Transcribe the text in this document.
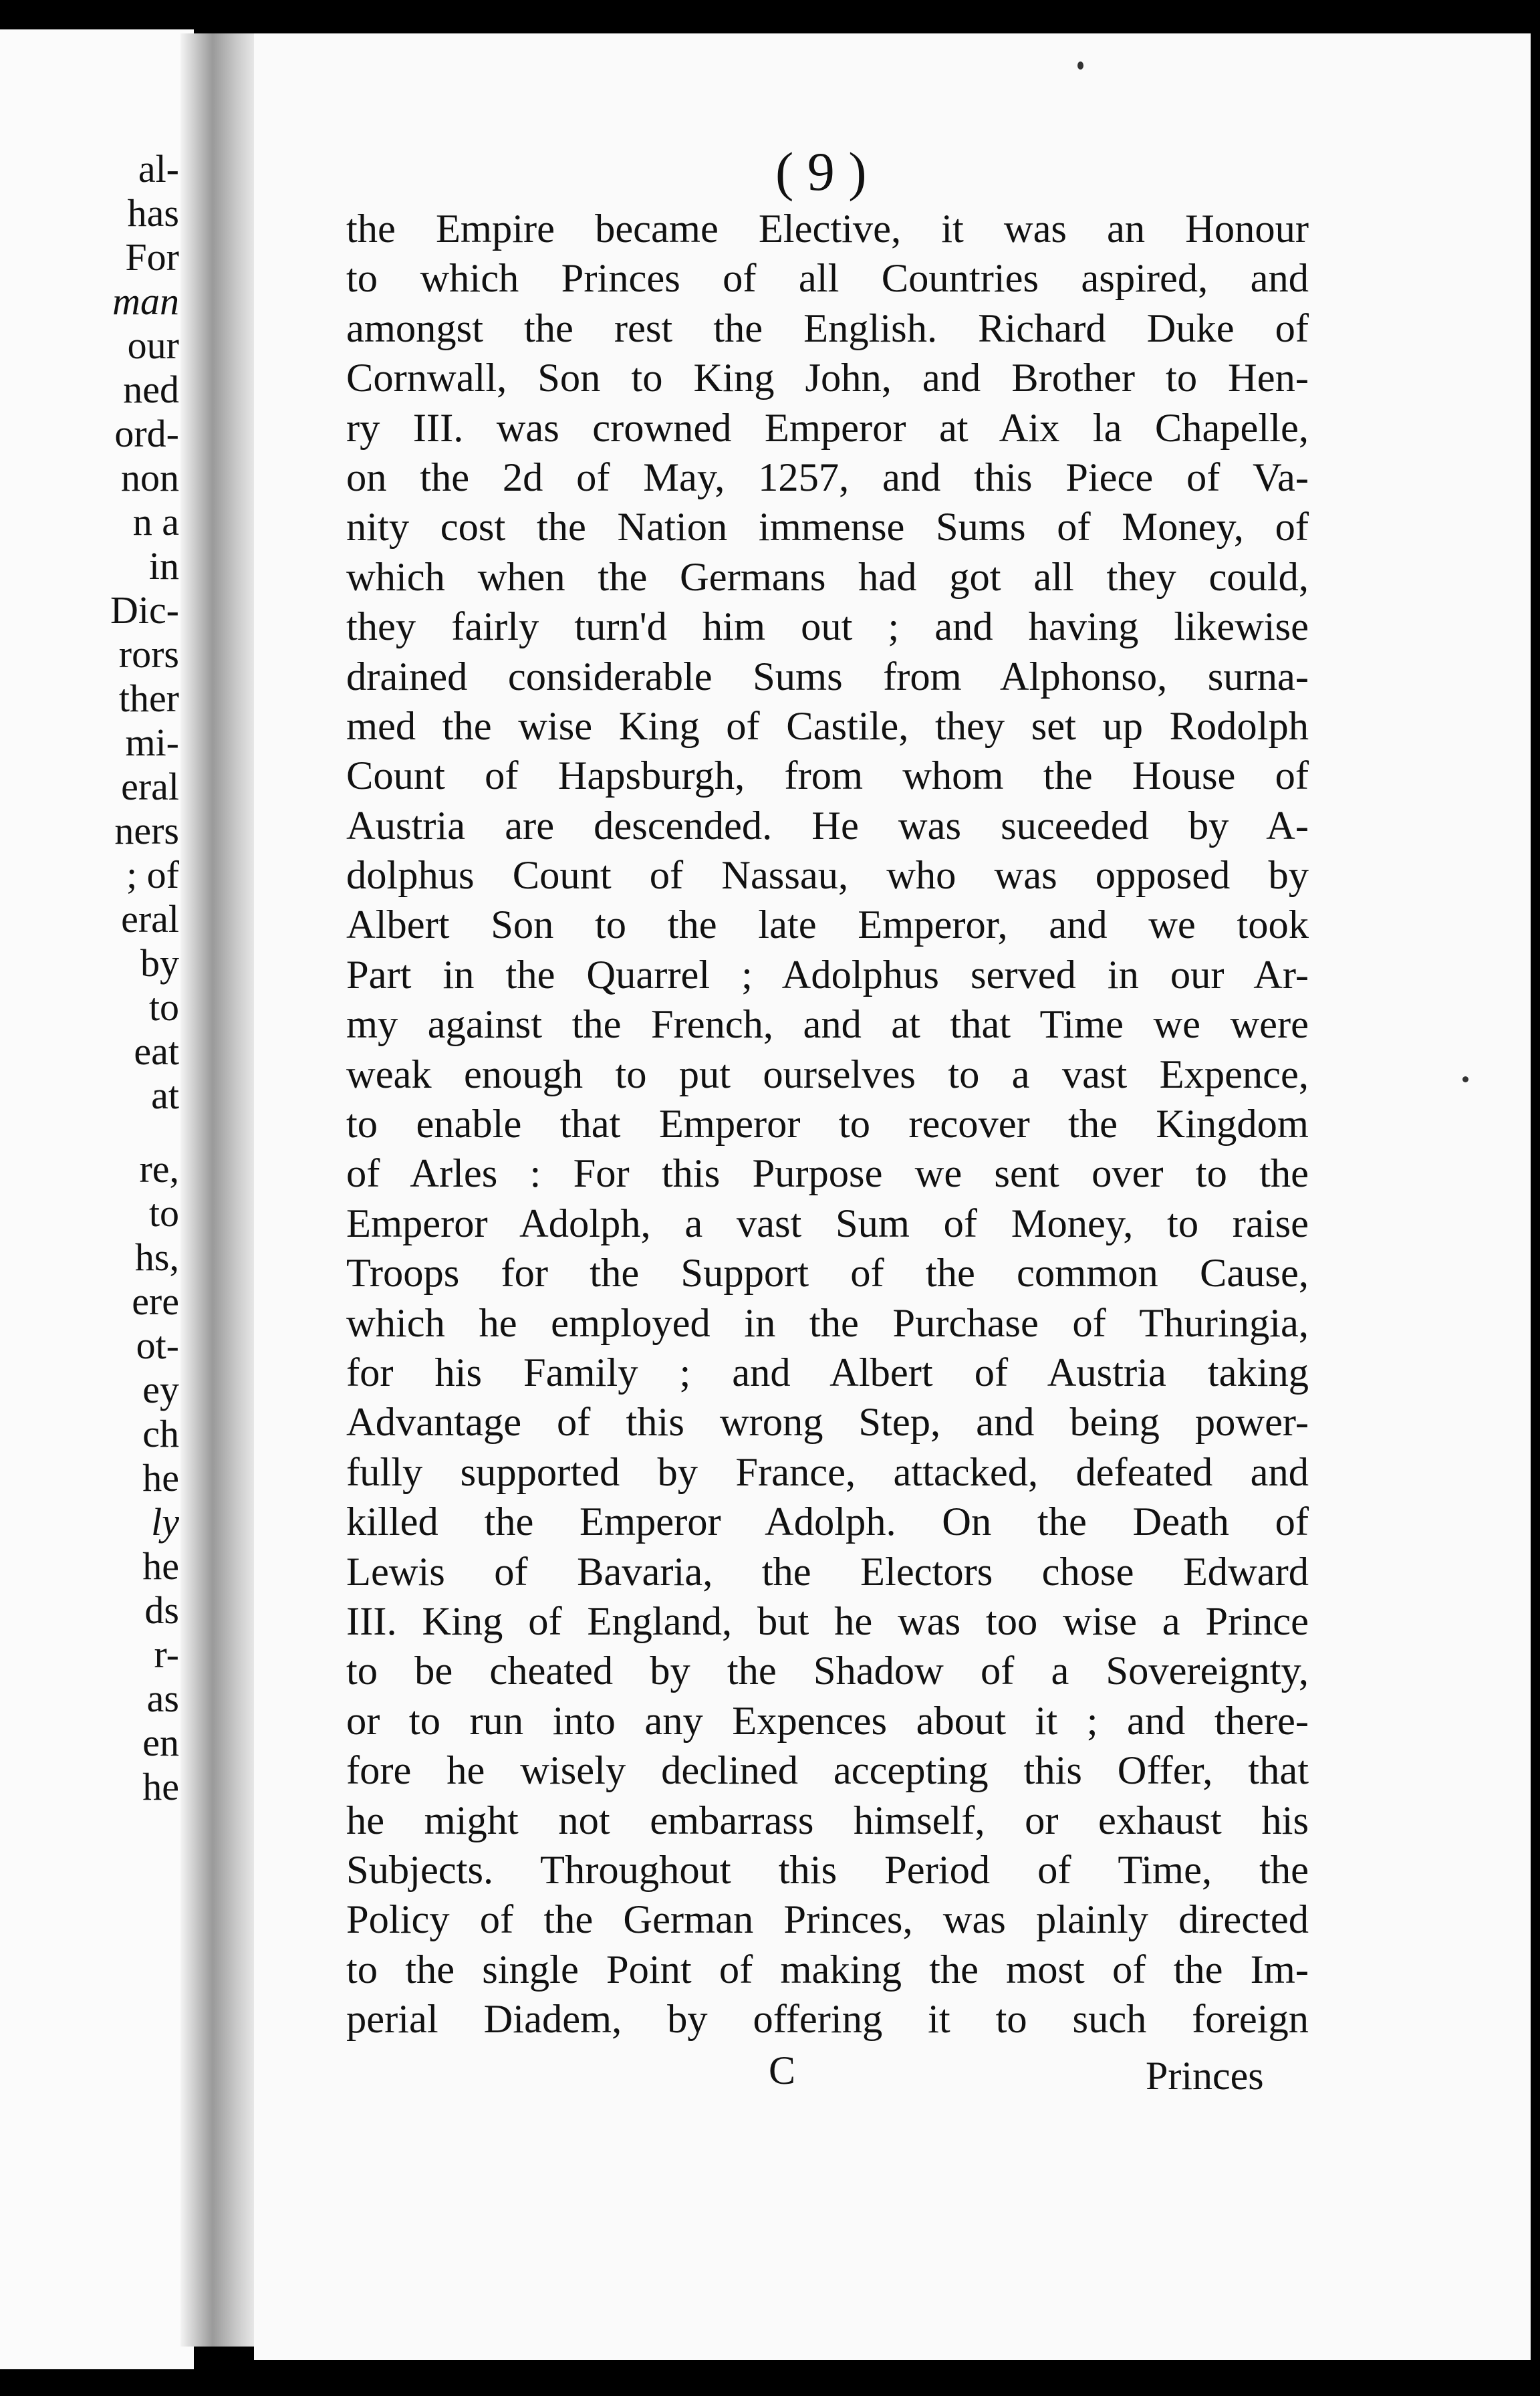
al-

has

For

man

our

ned

ord-

non

n a

in

Dic-

rors

ther

mi-

eral

ners

; of

eral

by

to

eat

at

re,

to

hs,

ere

ot-

ey

ch

he

ly

he

ds

r-

as

en

he

( 9 )

the Empire became Elective, it was an Honour
to which Princes of all Countries aspired, and
amongst the rest the English. Richard Duke of
Cornwall, Son to King John, and Brother to Hen-
ry III. was crowned Emperor at Aix la Chapelle,
on the 2d of May, 1257, and this Piece of Va-
nity cost the Nation immense Sums of Money, of
which when the Germans had got all they could,
they fairly turn'd him out ; and having likewise
drained considerable Sums from Alphonso, surna-
med the wise King of Castile, they set up Rodolph
Count of Hapsburgh, from whom the House of
Austria are descended. He was suceeded by A-
dolphus Count of Nassau, who was opposed by
Albert Son to the late Emperor, and we took
Part in the Quarrel ; Adolphus served in our Ar-
my against the French, and at that Time we were
weak enough to put ourselves to a vast Expence,
to enable that Emperor to recover the Kingdom
of Arles : For this Purpose we sent over to the
Emperor Adolph, a vast Sum of Money, to raise
Troops for the Support of the common Cause,
which he employed in the Purchase of Thuringia,
for his Family ; and Albert of Austria taking
Advantage of this wrong Step, and being power-
fully supported by France, attacked, defeated and
killed the Emperor Adolph. On the Death of
Lewis of Bavaria, the Electors chose Edward
III. King of England, but he was too wise a Prince
to be cheated by the Shadow of a Sovereignty,
or to run into any Expences about it ; and there-
fore he wisely declined accepting this Offer, that
he might not embarrass himself, or exhaust his
Subjects. Throughout this Period of Time, the
Policy of the German Princes, was plainly directed
to the single Point of making the most of the Im-
perial Diadem, by offering it to such foreign

C	Princes
